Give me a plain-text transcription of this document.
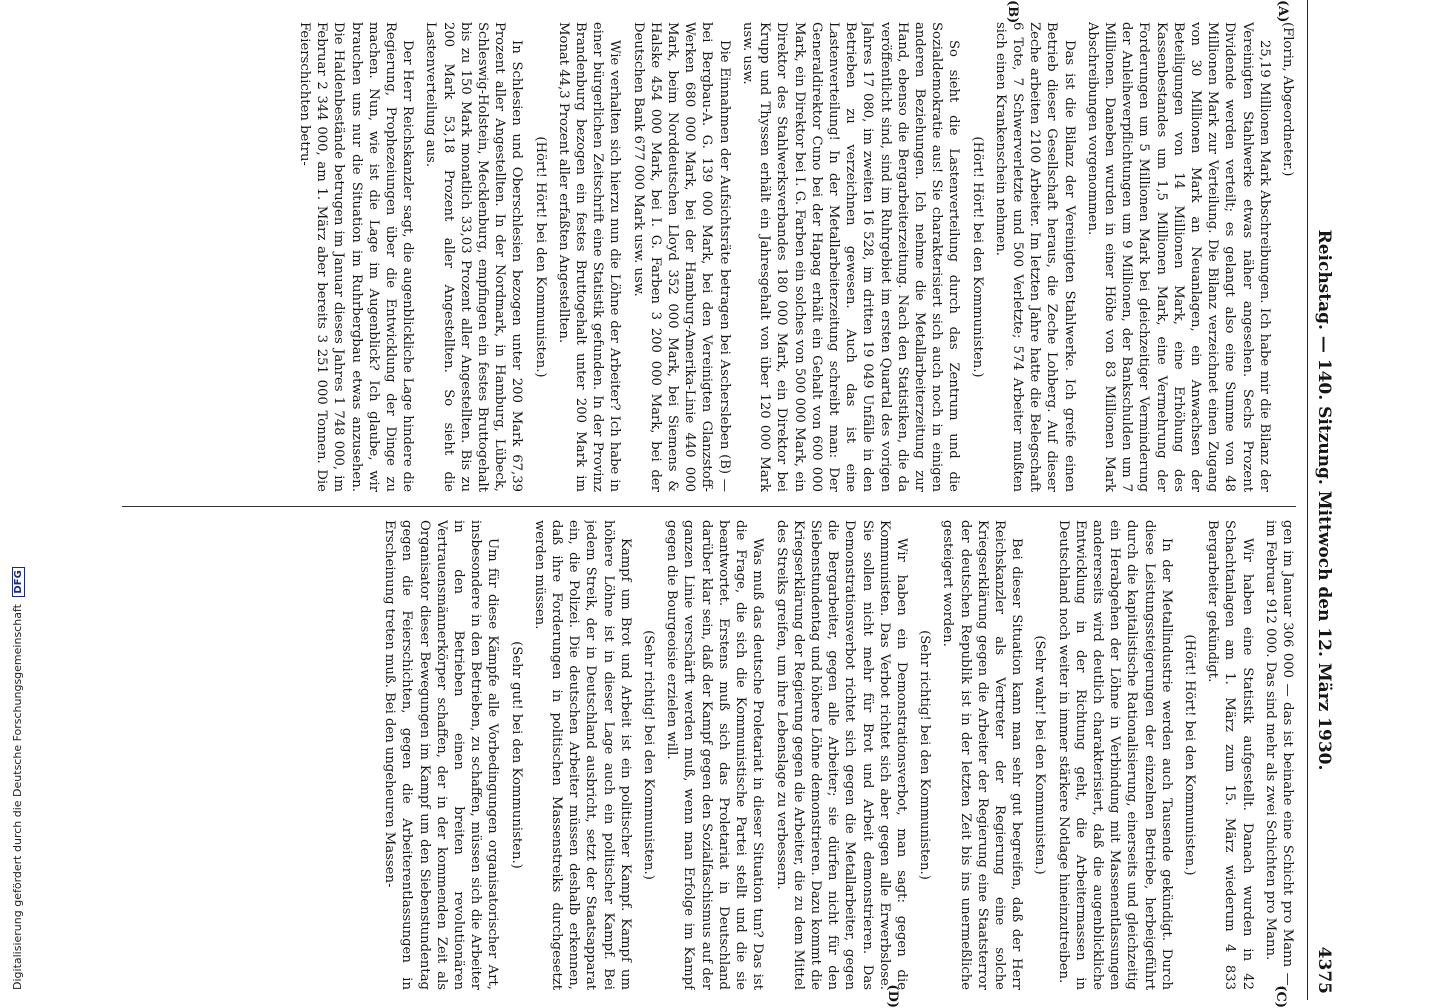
Digitalisierung gefördert durch die Deutsche Forschungsgemeinschaft DFG	Reichstag. — 140. Sitzung. Mittwoch den 12. März 1930.
4375
(A)
(B)
(C)
(D)

(Florin, Abgeordneter.)

25,19 Millionen Mark Abschreibungen. Ich habe mir die Bilanz der Vereinigten Stahlwerke etwas näher angesehen. Sechs Prozent Dividende werden verteilt; es gelangt also eine Summe von 48 Millionen Mark zur Verteilung. Die Bilanz verzeichnet einen Zugang von 30 Millionen Mark an Neuanlagen, ein Anwachsen der Beteiligungen von 14 Millionen Mark, eine Erhöhung des Kassenbestandes um 1,5 Millionen Mark, eine Vermehrung der Forderungen um 5 Millionen Mark bei gleichzeitiger Verminderung der Anleiheverpflichtungen um 9 Millionen, der Bankschulden um 7 Millionen. Daneben wurden in einer Höhe von 83 Millionen Mark Abschreibungen vorgenommen.

Das ist die Bilanz der Vereinigten Stahlwerke. Ich greife einen Betrieb dieser Gesellschaft heraus, die Zeche Lohberg. Auf dieser Zeche arbeiten 2100 Arbeiter. Im letzten Jahre hatte die Belegschaft 6 Tote, 7 Schwerverletzte und 500 Verletzte; 574 Arbeiter mußten sich einen Krankenschein nehmen.

(Hört! Hört! bei den Kommunisten.)

So sieht die Lastenverteilung durch das Zentrum und die Sozialdemokratie aus! Sie charakterisiert sich auch noch in einigen anderen Beziehungen. Ich nehme die Metallarbeiterzeitung zur Hand, ebenso die Bergarbeiterzeitung. Nach den Statistiken, die da veröffentlicht sind, sind im Ruhrgebiet im ersten Quartal des vorigen Jahres 17 080, im zweiten 16 528, im dritten 19 049 Unfälle in den Betrieben zu verzeichnen gewesen. Auch das ist eine Lastenverteilung! In der Metallarbeiterzeitung schreibt man: Der Generaldirektor Cuno bei der Hapag erhält ein Gehalt von 600 000 Mark, ein Direktor bei I. G. Farben ein solches von 500 000 Mark, ein Direktor des Stahlwerksverbandes 180 000 Mark, ein Direktor bei Krupp und Thyssen erhält ein Jahresgehalt von über 120 000 Mark usw. usw.

Die Einnahmen der Aufsichtsräte betragen bei Aschersleben (B) — bei Bergbau-A. G. 139 000 Mark, bei den Vereinigten Glanzstoff-Werken 680 000 Mark, bei der Hamburg-Amerika-Linie 440 000 Mark, beim Norddeutschen Lloyd 352 000 Mark, bei Siemens & Halske 454 000 Mark, bei I. G. Farben 3 200 000 Mark, bei der Deutschen Bank 677 000 Mark usw. usw.

Wie verhalten sich hierzu nun die Löhne der Arbeiter? Ich habe in einer bürgerlichen Zeitschrift eine Statistik gefunden. In der Provinz Brandenburg bezogen ein festes Bruttogehalt unter 200 Mark im Monat 44,3 Prozent aller erfaßten Angestellten.

(Hört! Hört! bei den Kommunisten.)

In Schlesien und Oberschlesien bezogen unter 200 Mark 67,39 Prozent aller Angestellten. In der Nordmark, in Hamburg, Lübeck, Schleswig-Holstein, Mecklenburg, empfingen ein festes Bruttogehalt bis zu 150 Mark monatlich 33,03 Prozent aller Angestellten. Bis zu 200 Mark 53,18 Prozent aller Angestellten. So sieht die Lastenverteilung aus.

Der Herr Reichskanzler sagt, die augenblickliche Lage hindere die Regierung, Prophezeiungen über die Entwicklung der Dinge zu machen. Nun, wie ist die Lage im Augenblick? Ich glaube, wir brauchen uns nur die Situation im Ruhrbergbau etwas anzusehen. Die Haldenbestände betrugen im Januar dieses Jahres 1 748 000, im Februar 2 344 000, am 1. März aber bereits 3 251 000 Tonnen. Die Feierschichten betru-

gen im Januar 306 000 — das ist beinahe eine Schicht pro Mann —, im Februar 912 000. Das sind mehr als zwei Schichten pro Mann.

Wir haben eine Statistik aufgestellt. Danach wurden in 42 Schachtanlagen am 1. März zum 15. März wiederum 4 833 Bergarbeiter gekündigt.

(Hört! Hört! bei den Kommunisten.)

In der Metallindustrie werden auch Tausende gekündigt. Durch diese Leistungssteigerungen der einzelnen Betriebe, herbeigeführt durch die kapitalistische Rationalisierung, einerseits und gleichzeitig ein Herabgehen der Löhne in Verbindung mit Massenentlassungen andererseits wird deutlich charakterisiert, daß die augenblickliche Entwicklung in der Richtung geht, die Arbeitermassen in Deutschland noch weiter in immer stärkere Notlage hineinzutreiben.

(Sehr wahr! bei den Kommunisten.)

Bei dieser Situation kann man sehr gut begreifen, daß der Herr Reichskanzler als Vertreter der Regierung eine solche Kriegserklärung gegen die Arbeiter der Regierung eine Staatsterror der deutschen Republik ist in der letzten Zeit bis ins unermeßliche gesteigert worden.

(Sehr richtig! bei den Kommunisten.)

Wir haben ein Demonstrationsverbot, man sagt: gegen die Kommunisten. Das Verbot richtet sich aber gegen alle Erwerbslose. Sie sollen nicht mehr für Brot und Arbeit demonstrieren. Das Demonstrationsverbot richtet sich gegen die Metallarbeiter, gegen die Bergarbeiter, gegen alle Arbeiter; sie dürfen nicht für den Siebenstundentag und höhere Löhne demonstrieren. Dazu kommt die Kriegserklärung der Regierung gegen die Arbeiter, die zu dem Mittel des Streiks greifen, um ihre Lebenslage zu verbessern.

Was muß das deutsche Proletariat in dieser Situation tun? Das ist die Frage, die sich die Kommunistische Partei stellt und die sie beantwortet. Erstens muß sich das Proletariat in Deutschland darüber klar sein, daß der Kampf gegen den Sozialfaschismus auf der ganzen Linie verschärft werden muß, wenn man Erfolge im Kampf gegen die Bourgeoisie erzielen will.

(Sehr richtig! bei den Kommunisten.)

Kampf um Brot und Arbeit ist ein politischer Kampf. Kampf um höhere Löhne ist in dieser Lage auch ein politischer Kampf. Bei jedem Streik, der in Deutschland ausbricht, setzt der Staatsapparat ein, die Polizei. Die deutschen Arbeiter müssen deshalb erkennen, daß ihre Forderungen in politischen Massenstreiks durchgesetzt werden müssen.

(Sehr gut! bei den Kommunisten.)

Um für diese Kämpfe alle Vorbedingungen organisatorischer Art, insbesondere in den Betrieben, zu schaffen, müssen sich die Arbeiter in den Betrieben einen breiten revolutionären Vertrauensmännerkörper schaffen, der in der kommenden Zeit als Organisator dieser Bewegungen im Kampf um den Siebenstundentag gegen die Feierschichten, gegen die Arbeiterentlassungen in Erscheinung treten muß. Bei den ungeheuren Massen-
